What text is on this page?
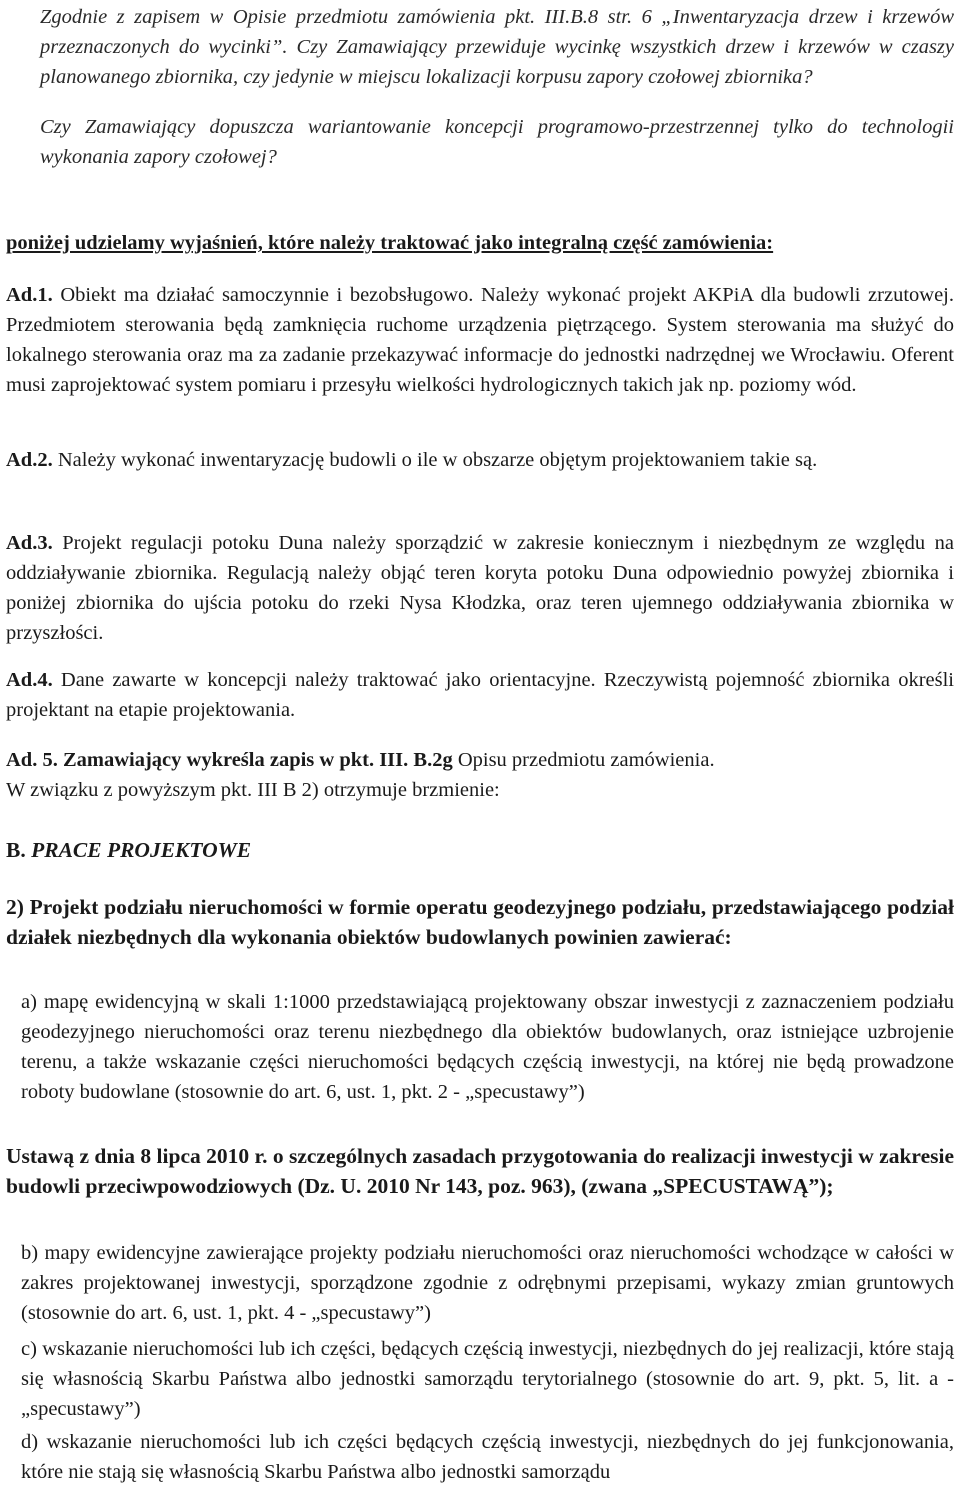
Zgodnie z zapisem w Opisie przedmiotu zamówienia pkt. III.B.8 str. 6 „Inwentaryzacja drzew i krzewów przeznaczonych do wycinki”. Czy Zamawiający przewiduje wycinkę wszystkich drzew i krzewów w czaszy planowanego zbiornika, czy jedynie w miejscu lokalizacji korpusu zapory czołowej zbiornika?

Czy Zamawiający dopuszcza wariantowanie koncepcji programowo-przestrzennej tylko do technologii wykonania zapory czołowej?

poniżej udzielamy wyjaśnień, które należy traktować jako integralną część zamówienia:

Ad.1. Obiekt ma działać samoczynnie i bezobsługowo. Należy wykonać projekt AKPiA dla budowli zrzutowej. Przedmiotem sterowania będą zamknięcia ruchome urządzenia piętrzącego. System sterowania ma służyć do lokalnego sterowania oraz ma za zadanie przekazywać informacje do jednostki nadrzędnej we Wrocławiu. Oferent musi zaprojektować system pomiaru i przesyłu wielkości hydrologicznych takich jak np. poziomy wód.

Ad.2. Należy wykonać inwentaryzację budowli o ile w obszarze objętym projektowaniem takie są.

Ad.3. Projekt regulacji potoku Duna należy sporządzić w zakresie koniecznym i niezbędnym ze względu na oddziaływanie zbiornika. Regulacją należy objąć teren koryta potoku Duna odpowiednio powyżej zbiornika i poniżej zbiornika do ujścia potoku do rzeki Nysa Kłodzka, oraz teren ujemnego oddziaływania zbiornika w przyszłości.

Ad.4. Dane zawarte w koncepcji należy traktować jako orientacyjne. Rzeczywistą pojemność zbiornika określi projektant na etapie projektowania.

Ad. 5. Zamawiający wykreśla zapis w pkt. III. B.2g Opisu przedmiotu zamówienia.
W związku z powyższym pkt. III B 2) otrzymuje brzmienie:

B. PRACE PROJEKTOWE

2) Projekt podziału nieruchomości w formie operatu geodezyjnego podziału, przedstawiającego podział działek niezbędnych dla wykonania obiektów budowlanych powinien zawierać:

a) mapę ewidencyjną w skali 1:1000 przedstawiającą projektowany obszar inwestycji z zaznaczeniem podziału geodezyjnego nieruchomości oraz terenu niezbędnego dla obiektów budowlanych, oraz istniejące uzbrojenie terenu, a także wskazanie części nieruchomości będących częścią inwestycji, na której nie będą prowadzone roboty budowlane (stosownie do art. 6, ust. 1, pkt. 2 - „specustawy”)

Ustawą z dnia 8 lipca 2010 r. o szczególnych zasadach przygotowania do realizacji inwestycji w zakresie budowli przeciwpowodziowych (Dz. U. 2010 Nr 143, poz. 963), (zwana „SPECUSTAWĄ”);

b) mapy ewidencyjne zawierające projekty podziału nieruchomości oraz nieruchomości wchodzące w całości w zakres projektowanej inwestycji, sporządzone zgodnie z odrębnymi przepisami, wykazy zmian gruntowych (stosownie do art. 6, ust. 1, pkt. 4 - „specustawy”)

c) wskazanie nieruchomości lub ich części, będących częścią inwestycji, niezbędnych do jej realizacji, które stają się własnością Skarbu Państwa albo jednostki samorządu terytorialnego (stosownie do art. 9, pkt. 5, lit. a - „specustawy”)

d) wskazanie nieruchomości lub ich części będących częścią inwestycji, niezbędnych do jej funkcjonowania, które nie stają się własnością Skarbu Państwa albo jednostki samorządu
